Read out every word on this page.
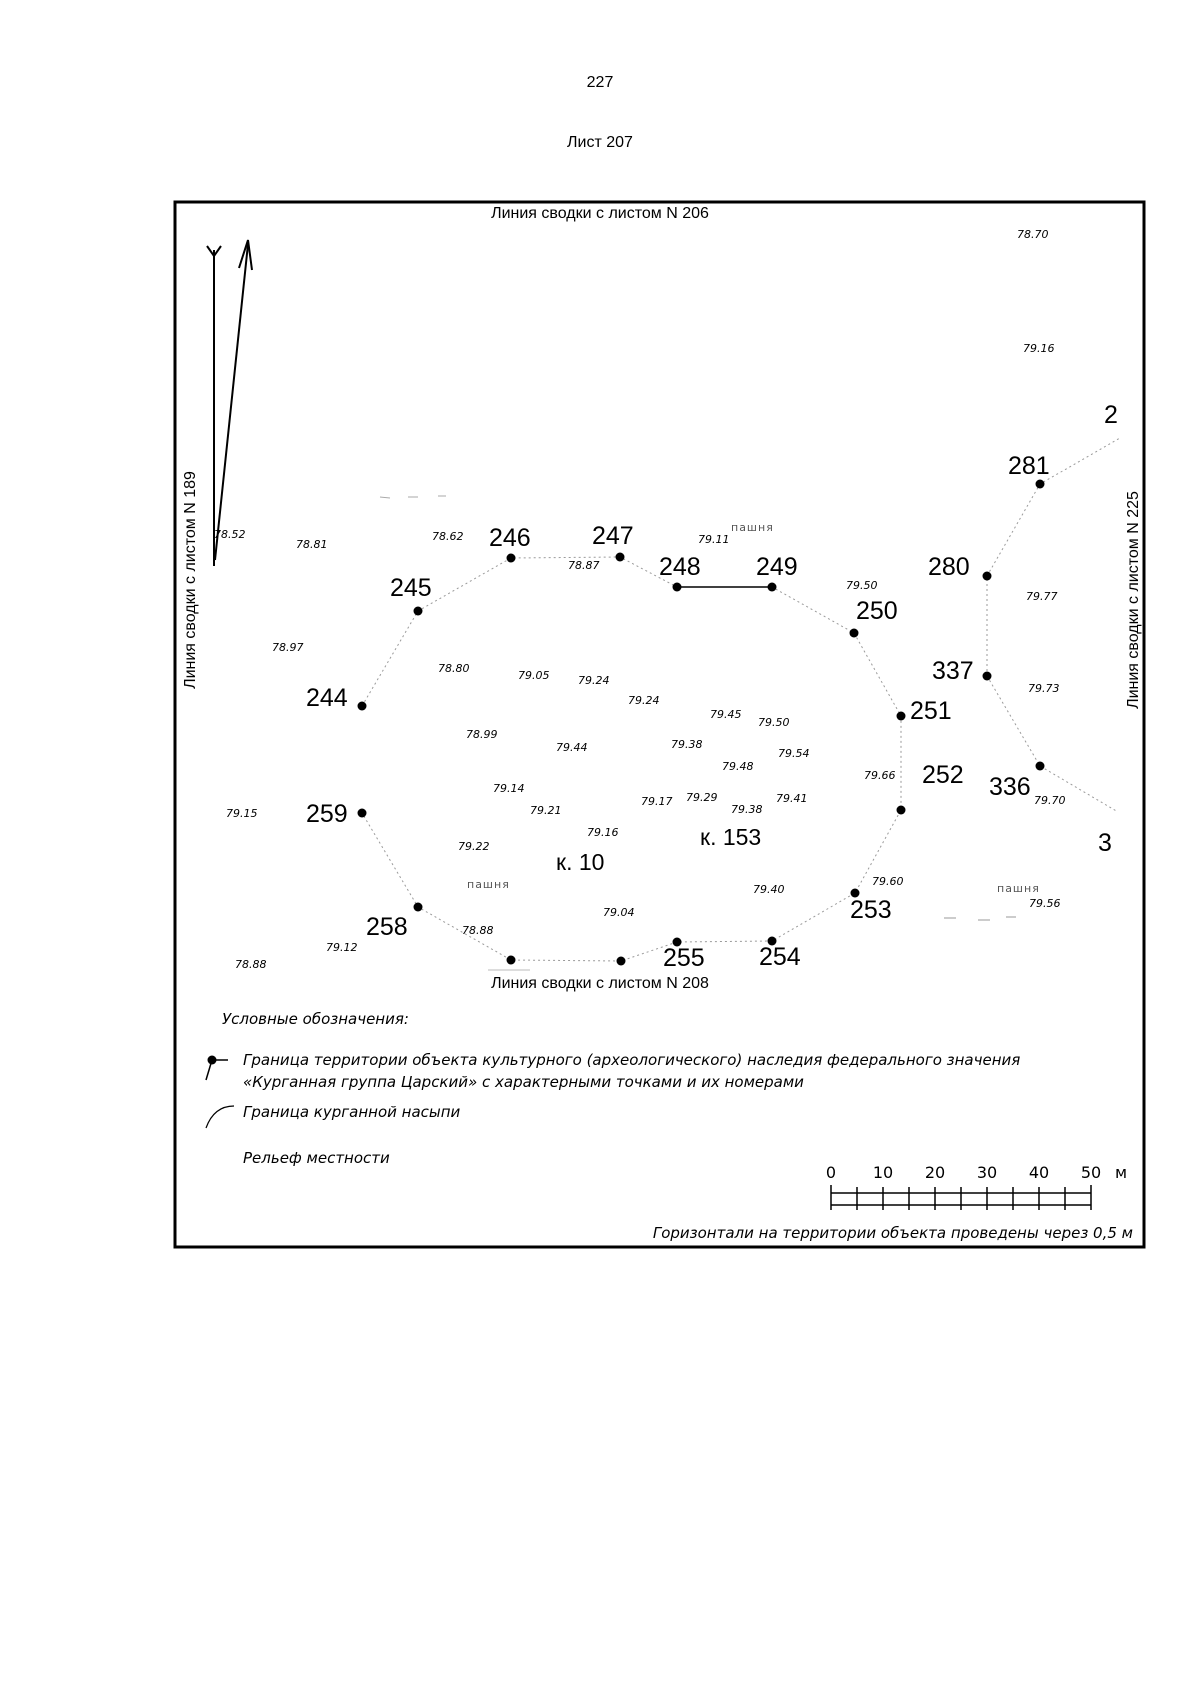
227
Лист 207
Линия сводки с листом N 206
Линия сводки с листом N 208
Линия сводки с листом N 189	Линия сводки с листом N 225
244
245
246 247
248 249
250
251
252
253
254
255
258
259
280
281
336
337
2
3
78.70
79.16
78.52
78.81
78.62
78.87
79.11
79.50
79.77
78.97
78.80
79.05	79.24
79.24
79.45
79.50
79.73
78.99
79.44	79.38
79.54
79.48
79.66
79.14
79.21
79.17 79.29
79.38
79.41	79.70
79.15
79.16
79.22
79.40
79.60
79.04
79.56
78.88
79.12
78.88
пашня
пашня	пашня
к. 10
к. 153
Условные обозначения:
Граница территории объекта культурного (археологического) наследия федерального значения
«Курганная группа Царский» с характерными точками и их номерами
Граница курганной насыпи
Рельеф местности
0 10 20 30 40 50 м
Горизонтали на территории объекта проведены через 0,5 м
